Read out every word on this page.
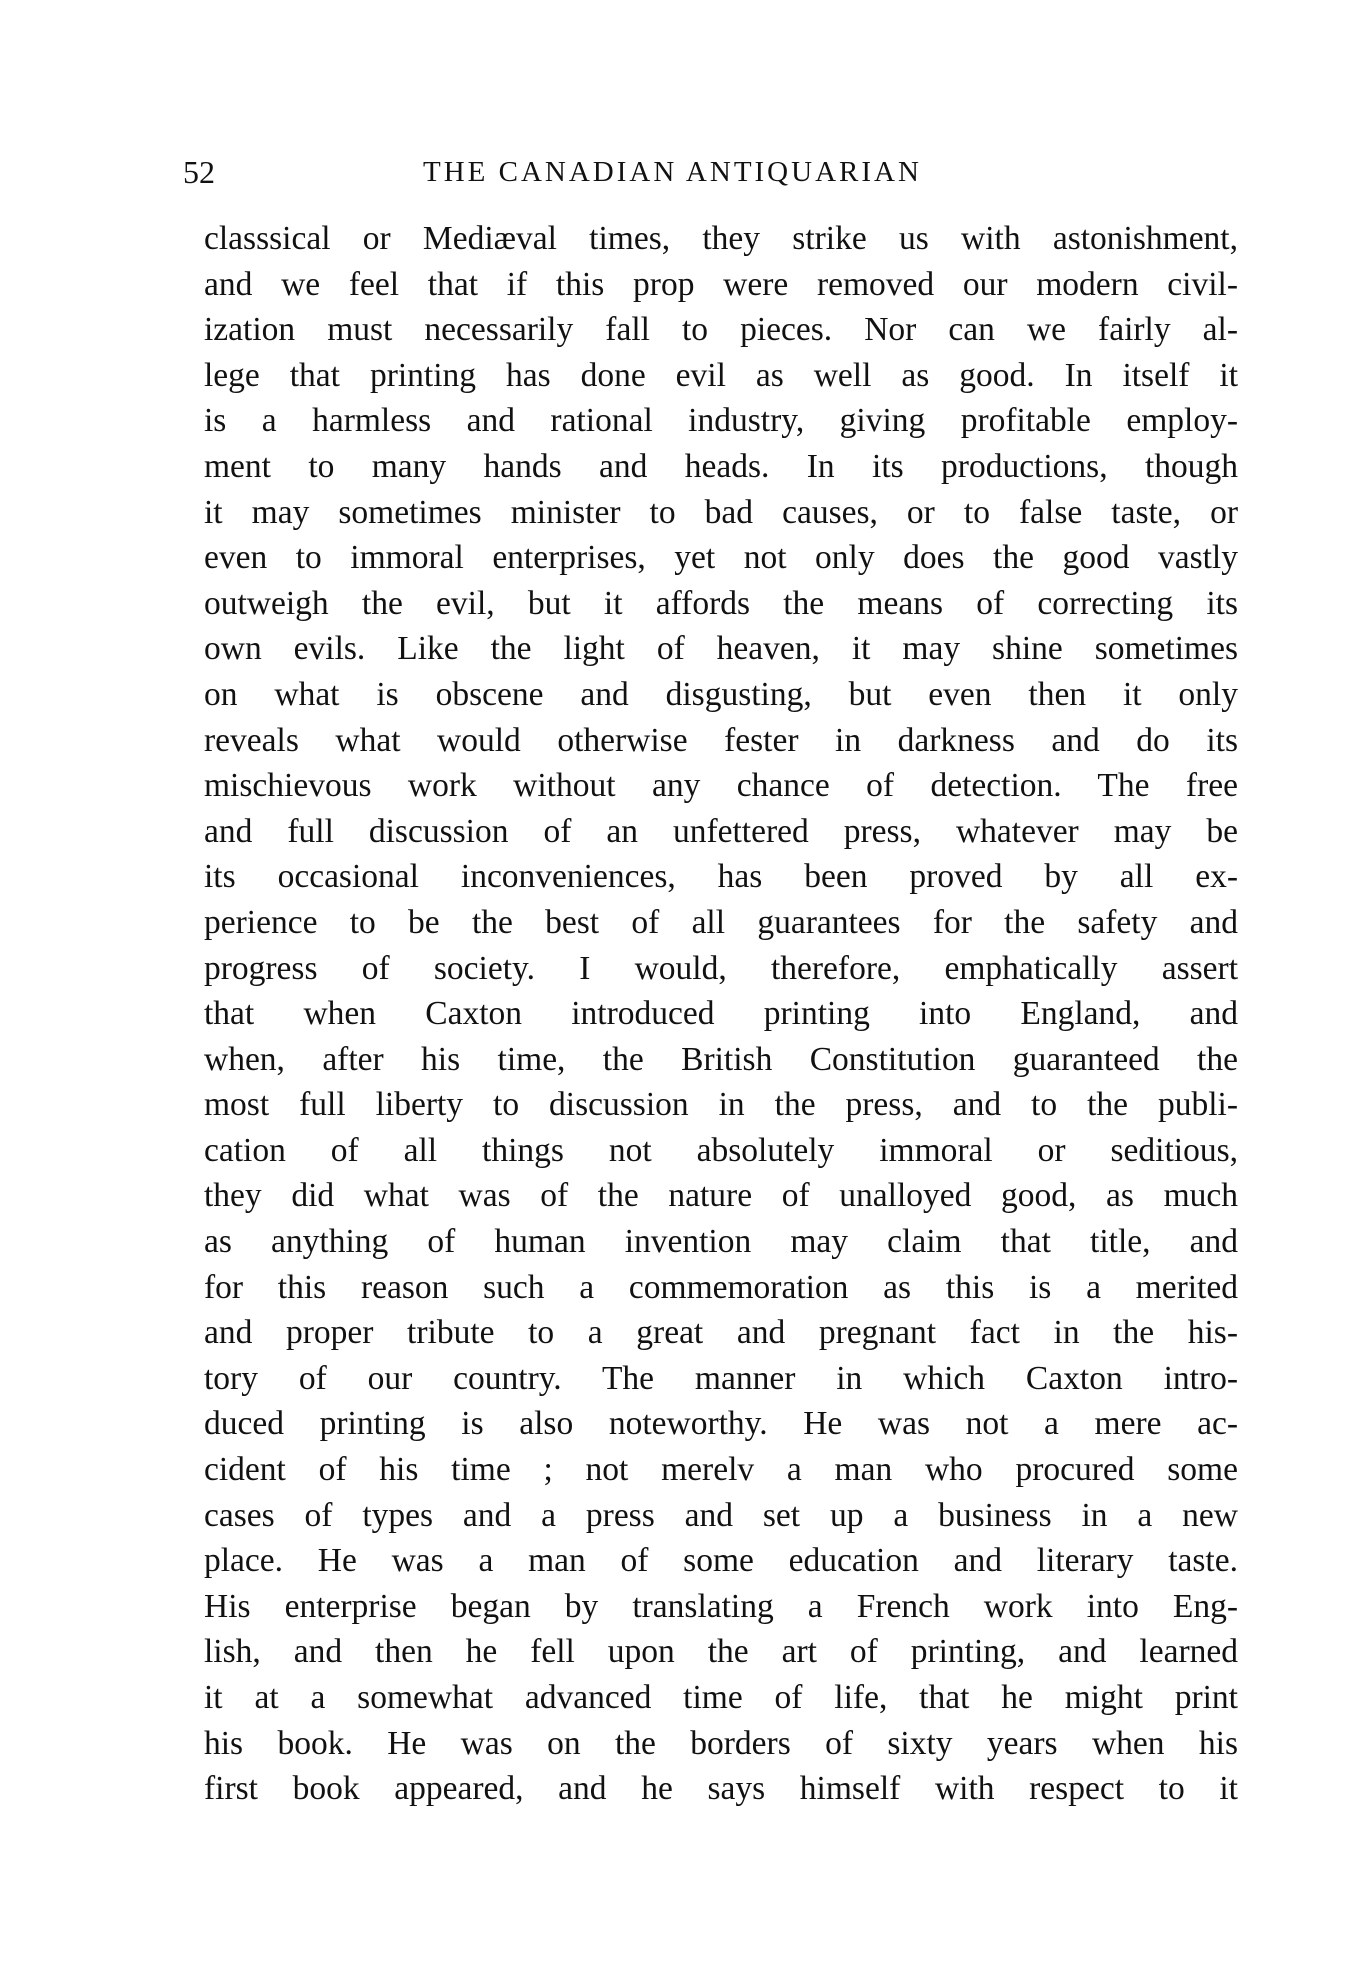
52	THE CANADIAN ANTIQUARIAN
classsical or Mediæval times, they strike us with astonishment,
and we feel that if this prop were removed our modern civil-
ization must necessarily fall to pieces. Nor can we fairly al-
lege that printing has done evil as well as good. In itself it
is a harmless and rational industry, giving profitable employ-
ment to many hands and heads. In its productions, though
it may sometimes minister to bad causes, or to false taste, or
even to immoral enterprises, yet not only does the good vastly
outweigh the evil, but it affords the means of correcting its
own evils. Like the light of heaven, it may shine sometimes
on what is obscene and disgusting, but even then it only
reveals what would otherwise fester in darkness and do its
mischievous work without any chance of detection. The free
and full discussion of an unfettered press, whatever may be
its occasional inconveniences, has been proved by all ex-
perience to be the best of all guarantees for the safety and
progress of society. I would, therefore, emphatically assert
that when Caxton introduced printing into England, and
when, after his time, the British Constitution guaranteed the
most full liberty to discussion in the press, and to the publi-
cation of all things not absolutely immoral or seditious,
they did what was of the nature of unalloyed good, as much
as anything of human invention may claim that title, and
for this reason such a commemoration as this is a merited
and proper tribute to a great and pregnant fact in the his-
tory of our country. The manner in which Caxton intro-
duced printing is also noteworthy. He was not a mere ac-
cident of his time ; not merelv a man who procured some
cases of types and a press and set up a business in a new
place. He was a man of some education and literary taste.
His enterprise began by translating a French work into Eng-
lish, and then he fell upon the art of printing, and learned
it at a somewhat advanced time of life, that he might print
his book. He was on the borders of sixty years when his
first book appeared, and he says himself with respect to it
